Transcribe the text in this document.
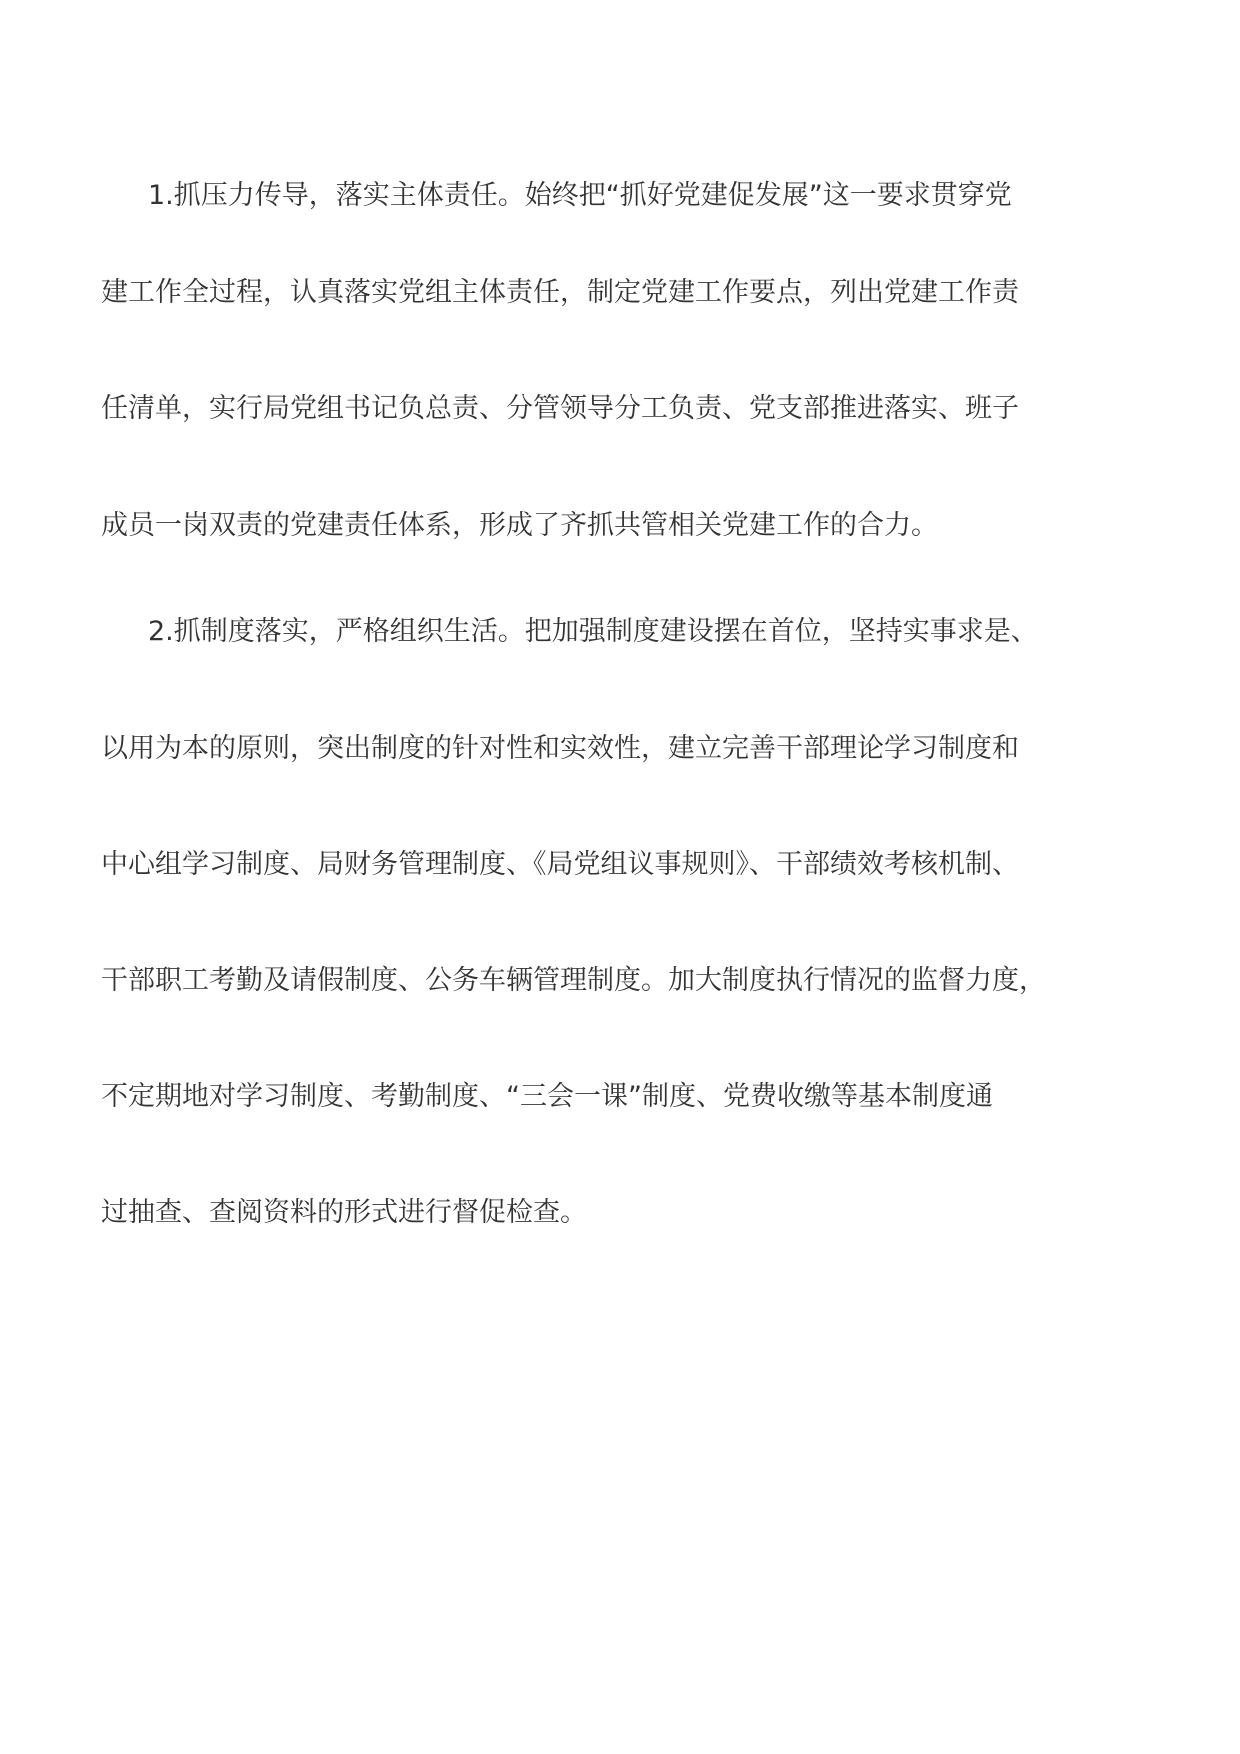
1.抓压力传导，落实主体责任。始终把“抓好党建促发展”这一要求贯穿党

建工作全过程，认真落实党组主体责任，制定党建工作要点，列出党建工作责

任清单，实行局党组书记负总责、分管领导分工负责、党支部推进落实、班子

成员一岗双责的党建责任体系，形成了齐抓共管相关党建工作的合力。

2.抓制度落实，严格组织生活。把加强制度建设摆在首位，坚持实事求是、

以用为本的原则，突出制度的针对性和实效性，建立完善干部理论学习制度和

中心组学习制度、局财务管理制度、《局党组议事规则》、干部绩效考核机制、

干部职工考勤及请假制度、公务车辆管理制度。加大制度执行情况的监督力度，

不定期地对学习制度、考勤制度、“三会一课”制度、党费收缴等基本制度通

过抽查、查阅资料的形式进行督促检查。
